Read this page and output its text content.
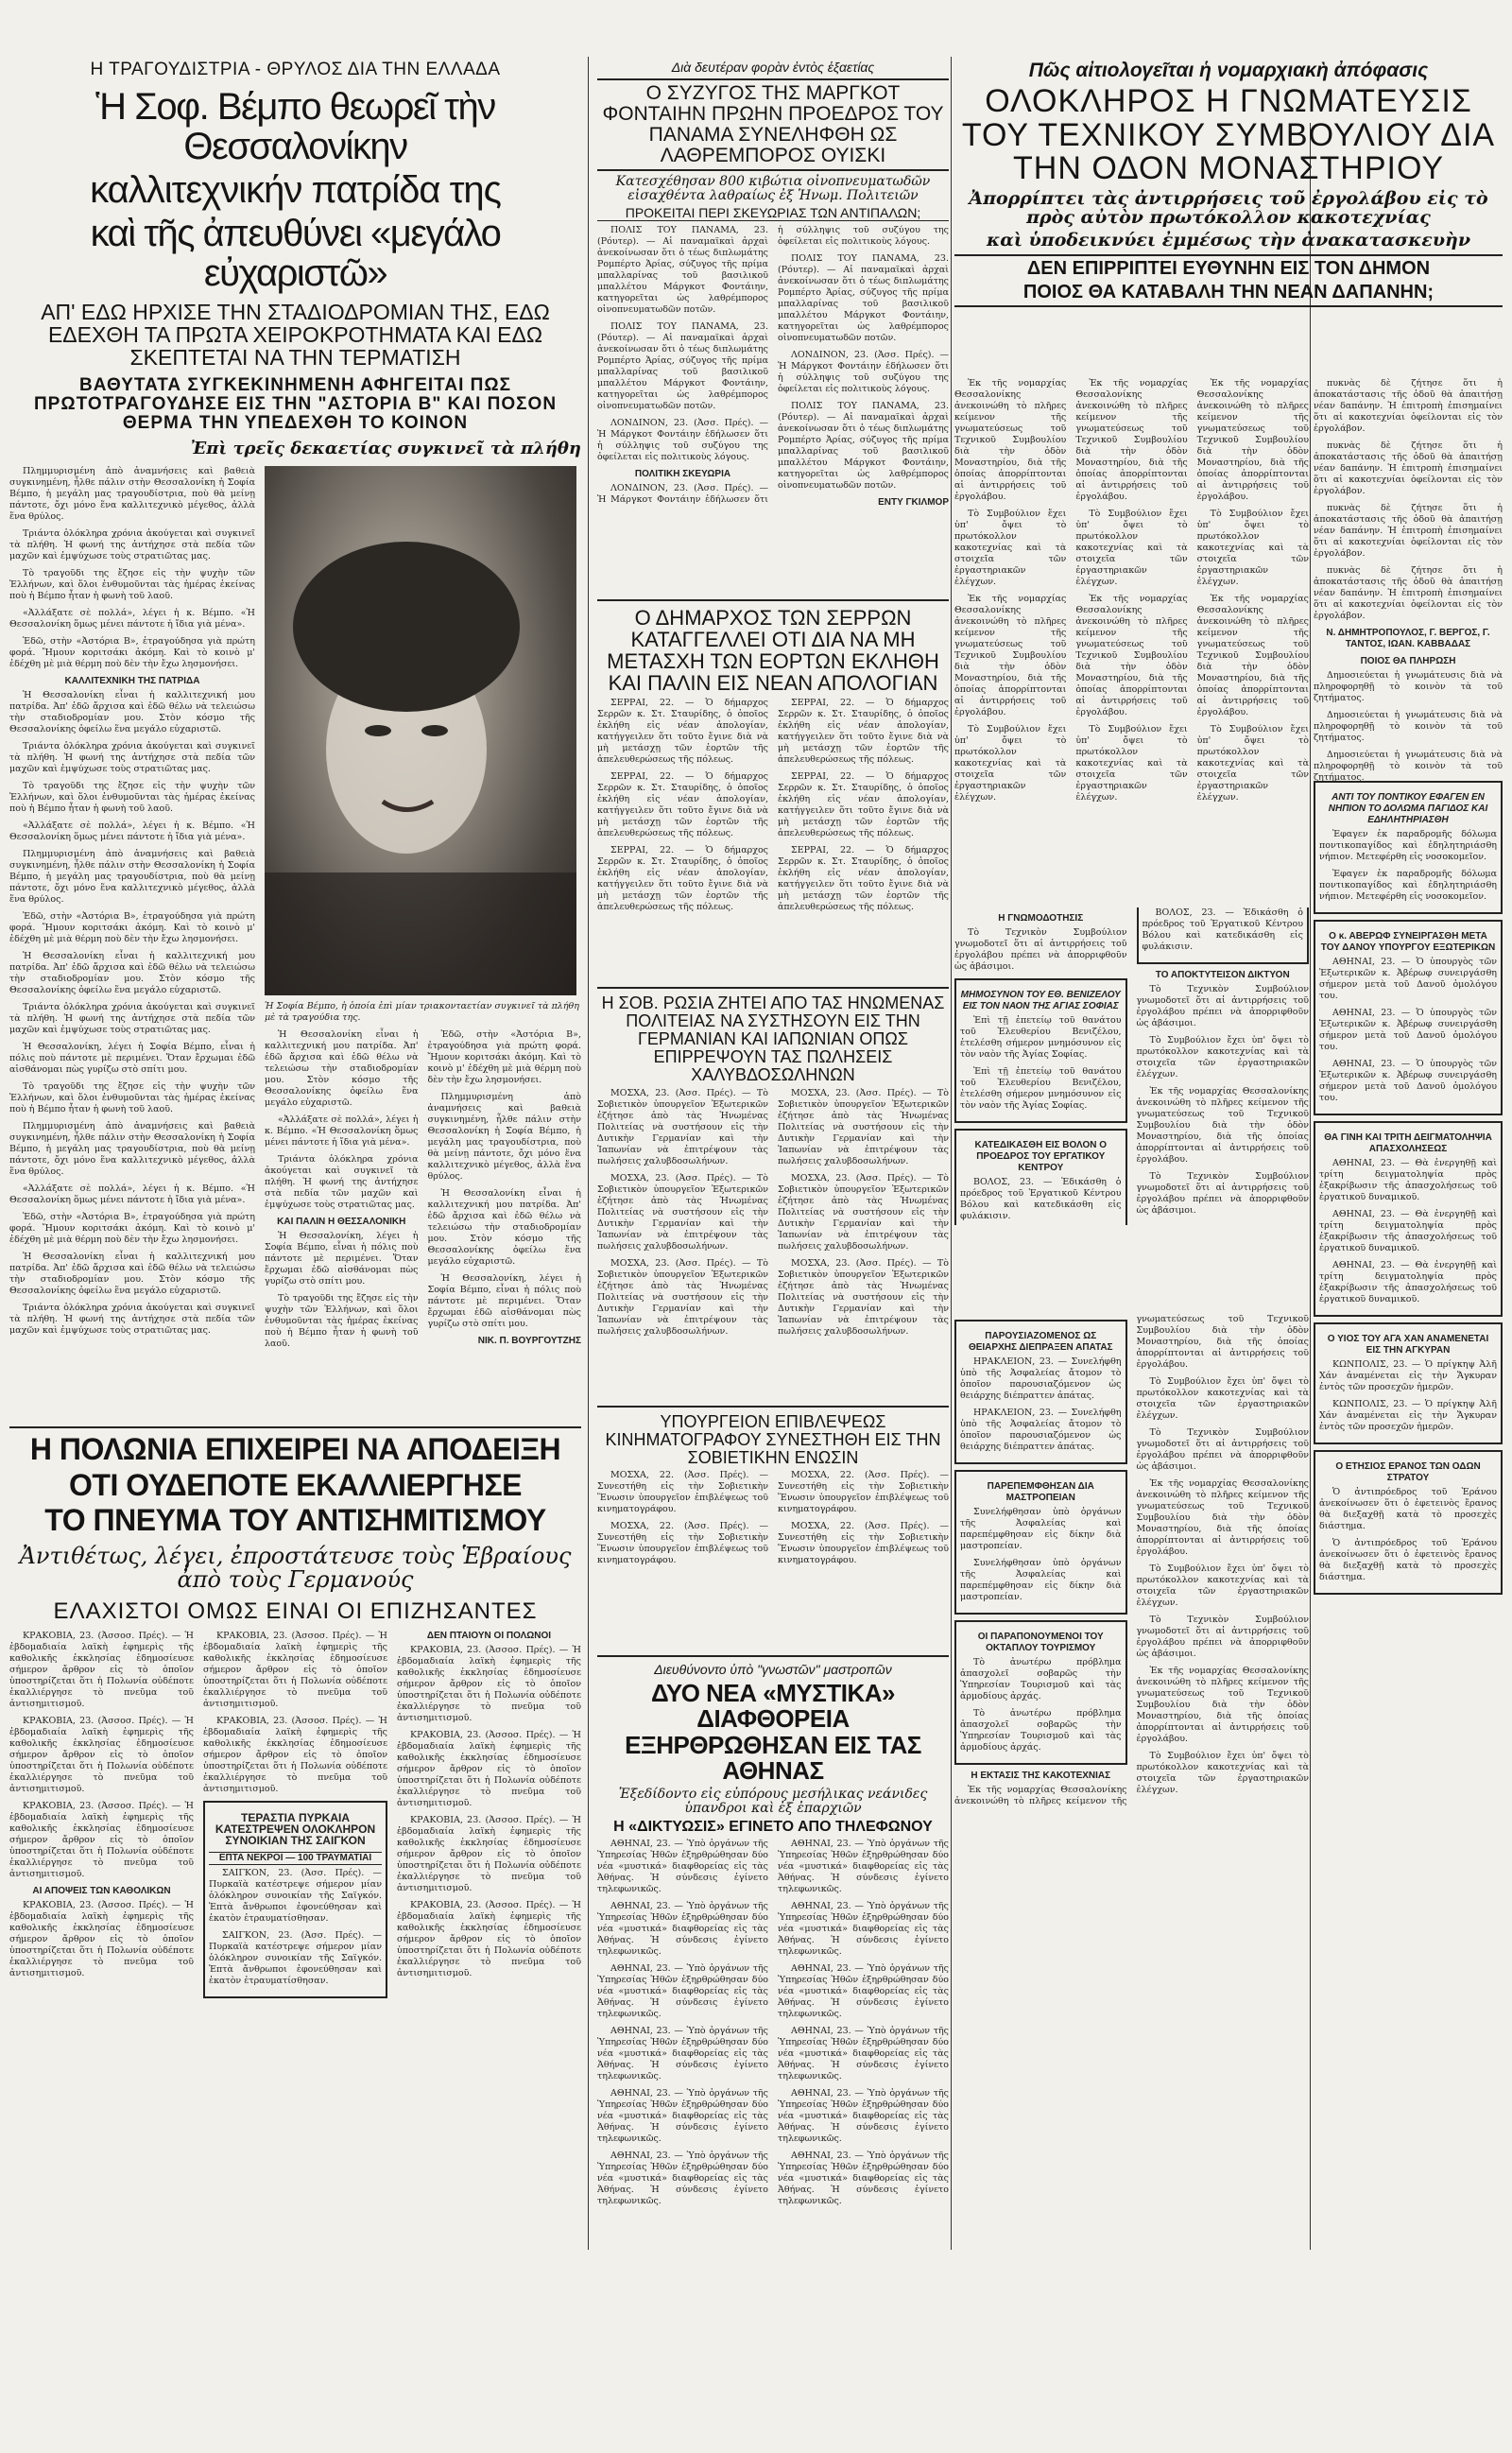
Η ΤΡΑΓΟΥΔΙΣΤΡΙΑ - ΘΡΥΛΟΣ ΔΙΑ ΤΗΝ ΕΛΛΑΔΑ
Ἡ Σοφ. Βέμπο θεωρεῖ τὴν Θεσσαλονίκην
καλλιτεχνικήν πατρίδα της
καὶ τῆς ἀπευθύνει «μεγάλο εὐχαριστῶ»
ΑΠ' ΕΔΩ ΗΡΧΙΣΕ ΤΗΝ ΣΤΑΔΙΟΔΡΟΜΙΑΝ ΤΗΣ, ΕΔΩ ΕΔΕΧΘΗ ΤΑ ΠΡΩΤΑ ΧΕΙΡΟΚΡΟΤΗΜΑΤΑ ΚΑΙ ΕΔΩ ΣΚΕΠΤΕΤΑΙ ΝΑ ΤΗΝ ΤΕΡΜΑΤΙΣΗ
ΒΑΘΥΤΑΤΑ ΣΥΓΚΕΚΙΝΗΜΕΝΗ ΑΦΗΓΕΙΤΑΙ ΠΩΣ ΠΡΩΤΟΤΡΑΓΟΥΔΗΣΕ ΕΙΣ ΤΗΝ "ΑΣΤΟΡΙΑ Β" ΚΑΙ ΠΟΣΟΝ ΘΕΡΜΑ ΤΗΝ ΥΠΕΔΕΧΘΗ ΤΟ ΚΟΙΝΟΝ
Ἐπὶ τρεῖς δεκαετίας συγκινεῖ τὰ πλήθη

Πλημμυρισμένη ἀπὸ ἀναμνήσεις καὶ βαθειὰ συγκινημένη, ἦλθε πάλιν στὴν Θεσσαλονίκη ἡ Σοφία Βέμπο, ἡ μεγάλη μας τραγουδίστρια, ποὺ θὰ μείνῃ πάντοτε, ὄχι μόνο ἕνα καλλιτεχνικὸ μέγεθος, ἀλλὰ ἕνα θρύλος.

Τριάντα ὁλόκληρα χρόνια ἀκούγεται καὶ συγκινεῖ τὰ πλήθη. Ἡ φωνή της ἀντήχησε στὰ πεδία τῶν μαχῶν καὶ ἐμψύχωσε τοὺς στρατιῶτας μας.

Τὸ τραγοῦδι της ἔζησε εἰς τὴν ψυχὴν τῶν Ἑλλήνων, καὶ ὅλοι ἐνθυμοῦνται τὰς ἡμέρας ἐκείνας ποὺ ἡ Βέμπο ἦταν ἡ φωνὴ τοῦ λαοῦ.

«Ἀλλάξατε σὲ πολλά», λέγει ἡ κ. Βέμπο. «Ἡ Θεσσαλονίκη ὅμως μένει πάντοτε ἡ ἴδια γιὰ μένα».

Ἐδῶ, στὴν «Ἀστόρια Β», ἐτραγούδησα γιὰ πρώτη φορά. Ἤμουν κοριτσάκι ἀκόμη. Καὶ τὸ κοινὸ μ' ἐδέχθη μὲ μιὰ θέρμη ποὺ δὲν τὴν ἔχω λησμονήσει.

ΚΑΛΛΙΤΕΧΝΙΚΗ ΤΗΣ ΠΑΤΡΙΔΑ

Ἡ Θεσσαλονίκη εἶναι ἡ καλλιτεχνική μου πατρίδα. Ἀπ' ἐδῶ ἄρχισα καὶ ἐδῶ θέλω νὰ τελειώσω τὴν σταδιοδρομίαν μου. Στὸν κόσμο τῆς Θεσσαλονίκης ὀφείλω ἕνα μεγάλο εὐχαριστῶ.

Τριάντα ὁλόκληρα χρόνια ἀκούγεται καὶ συγκινεῖ τὰ πλήθη. Ἡ φωνή της ἀντήχησε στὰ πεδία τῶν μαχῶν καὶ ἐμψύχωσε τοὺς στρατιῶτας μας.

Τὸ τραγοῦδι της ἔζησε εἰς τὴν ψυχὴν τῶν Ἑλλήνων, καὶ ὅλοι ἐνθυμοῦνται τὰς ἡμέρας ἐκείνας ποὺ ἡ Βέμπο ἦταν ἡ φωνὴ τοῦ λαοῦ.

«Ἀλλάξατε σὲ πολλά», λέγει ἡ κ. Βέμπο. «Ἡ Θεσσαλονίκη ὅμως μένει πάντοτε ἡ ἴδια γιὰ μένα».

Πλημμυρισμένη ἀπὸ ἀναμνήσεις καὶ βαθειὰ συγκινημένη, ἦλθε πάλιν στὴν Θεσσαλονίκη ἡ Σοφία Βέμπο, ἡ μεγάλη μας τραγουδίστρια, ποὺ θὰ μείνῃ πάντοτε, ὄχι μόνο ἕνα καλλιτεχνικὸ μέγεθος, ἀλλὰ ἕνα θρύλος.

Ἐδῶ, στὴν «Ἀστόρια Β», ἐτραγούδησα γιὰ πρώτη φορά. Ἤμουν κοριτσάκι ἀκόμη. Καὶ τὸ κοινὸ μ' ἐδέχθη μὲ μιὰ θέρμη ποὺ δὲν τὴν ἔχω λησμονήσει.

Ἡ Θεσσαλονίκη εἶναι ἡ καλλιτεχνική μου πατρίδα. Ἀπ' ἐδῶ ἄρχισα καὶ ἐδῶ θέλω νὰ τελειώσω τὴν σταδιοδρομίαν μου. Στὸν κόσμο τῆς Θεσσαλονίκης ὀφείλω ἕνα μεγάλο εὐχαριστῶ.

Τριάντα ὁλόκληρα χρόνια ἀκούγεται καὶ συγκινεῖ τὰ πλήθη. Ἡ φωνή της ἀντήχησε στὰ πεδία τῶν μαχῶν καὶ ἐμψύχωσε τοὺς στρατιῶτας μας.

Ἡ Θεσσαλονίκη, λέγει ἡ Σοφία Βέμπο, εἶναι ἡ πόλις ποὺ πάντοτε μὲ περιμένει. Ὅταν ἔρχωμαι ἐδῶ αἰσθάνομαι πὼς γυρίζω στὸ σπίτι μου.

Τὸ τραγοῦδι της ἔζησε εἰς τὴν ψυχὴν τῶν Ἑλλήνων, καὶ ὅλοι ἐνθυμοῦνται τὰς ἡμέρας ἐκείνας ποὺ ἡ Βέμπο ἦταν ἡ φωνὴ τοῦ λαοῦ.

Πλημμυρισμένη ἀπὸ ἀναμνήσεις καὶ βαθειὰ συγκινημένη, ἦλθε πάλιν στὴν Θεσσαλονίκη ἡ Σοφία Βέμπο, ἡ μεγάλη μας τραγουδίστρια, ποὺ θὰ μείνῃ πάντοτε, ὄχι μόνο ἕνα καλλιτεχνικὸ μέγεθος, ἀλλὰ ἕνα θρύλος.

«Ἀλλάξατε σὲ πολλά», λέγει ἡ κ. Βέμπο. «Ἡ Θεσσαλονίκη ὅμως μένει πάντοτε ἡ ἴδια γιὰ μένα».

Ἐδῶ, στὴν «Ἀστόρια Β», ἐτραγούδησα γιὰ πρώτη φορά. Ἤμουν κοριτσάκι ἀκόμη. Καὶ τὸ κοινὸ μ' ἐδέχθη μὲ μιὰ θέρμη ποὺ δὲν τὴν ἔχω λησμονήσει.

Ἡ Θεσσαλονίκη εἶναι ἡ καλλιτεχνική μου πατρίδα. Ἀπ' ἐδῶ ἄρχισα καὶ ἐδῶ θέλω νὰ τελειώσω τὴν σταδιοδρομίαν μου. Στὸν κόσμο τῆς Θεσσαλονίκης ὀφείλω ἕνα μεγάλο εὐχαριστῶ.

Τριάντα ὁλόκληρα χρόνια ἀκούγεται καὶ συγκινεῖ τὰ πλήθη. Ἡ φωνή της ἀντήχησε στὰ πεδία τῶν μαχῶν καὶ ἐμψύχωσε τοὺς στρατιῶτας μας.

Ἡ Σοφία Βέμπο, ἡ ὁποία ἐπὶ μίαν τριακονταετίαν συγκινεῖ τὰ πλήθη μὲ τὰ τραγούδια της.

Ἡ Θεσσαλονίκη εἶναι ἡ καλλιτεχνική μου πατρίδα. Ἀπ' ἐδῶ ἄρχισα καὶ ἐδῶ θέλω νὰ τελειώσω τὴν σταδιοδρομίαν μου. Στὸν κόσμο τῆς Θεσσαλονίκης ὀφείλω ἕνα μεγάλο εὐχαριστῶ.

«Ἀλλάξατε σὲ πολλά», λέγει ἡ κ. Βέμπο. «Ἡ Θεσσαλονίκη ὅμως μένει πάντοτε ἡ ἴδια γιὰ μένα».

Τριάντα ὁλόκληρα χρόνια ἀκούγεται καὶ συγκινεῖ τὰ πλήθη. Ἡ φωνή της ἀντήχησε στὰ πεδία τῶν μαχῶν καὶ ἐμψύχωσε τοὺς στρατιῶτας μας.

ΚΑΙ ΠΑΛΙΝ Η ΘΕΣΣΑΛΟΝΙΚΗ

Ἡ Θεσσαλονίκη, λέγει ἡ Σοφία Βέμπο, εἶναι ἡ πόλις ποὺ πάντοτε μὲ περιμένει. Ὅταν ἔρχωμαι ἐδῶ αἰσθάνομαι πὼς γυρίζω στὸ σπίτι μου.

Τὸ τραγοῦδι της ἔζησε εἰς τὴν ψυχὴν τῶν Ἑλλήνων, καὶ ὅλοι ἐνθυμοῦνται τὰς ἡμέρας ἐκείνας ποὺ ἡ Βέμπο ἦταν ἡ φωνὴ τοῦ λαοῦ.

Ἐδῶ, στὴν «Ἀστόρια Β», ἐτραγούδησα γιὰ πρώτη φορά. Ἤμουν κοριτσάκι ἀκόμη. Καὶ τὸ κοινὸ μ' ἐδέχθη μὲ μιὰ θέρμη ποὺ δὲν τὴν ἔχω λησμονήσει.

Πλημμυρισμένη ἀπὸ ἀναμνήσεις καὶ βαθειὰ συγκινημένη, ἦλθε πάλιν στὴν Θεσσαλονίκη ἡ Σοφία Βέμπο, ἡ μεγάλη μας τραγουδίστρια, ποὺ θὰ μείνῃ πάντοτε, ὄχι μόνο ἕνα καλλιτεχνικὸ μέγεθος, ἀλλὰ ἕνα θρύλος.

Ἡ Θεσσαλονίκη εἶναι ἡ καλλιτεχνική μου πατρίδα. Ἀπ' ἐδῶ ἄρχισα καὶ ἐδῶ θέλω νὰ τελειώσω τὴν σταδιοδρομίαν μου. Στὸν κόσμο τῆς Θεσσαλονίκης ὀφείλω ἕνα μεγάλο εὐχαριστῶ.

Ἡ Θεσσαλονίκη, λέγει ἡ Σοφία Βέμπο, εἶναι ἡ πόλις ποὺ πάντοτε μὲ περιμένει. Ὅταν ἔρχωμαι ἐδῶ αἰσθάνομαι πὼς γυρίζω στὸ σπίτι μου.

ΝΙΚ. Π. ΒΟΥΡΓΟΥΤΖΗΣ
Η ΠΟΛΩΝΙΑ ΕΠΙΧΕΙΡΕΙ ΝΑ ΑΠΟΔΕΙΞΗ
ΟΤΙ ΟΥΔΕΠΟΤΕ ΕΚΑΛΛΙΕΡΓΗΣΕ
ΤΟ ΠΝΕΥΜΑ ΤΟΥ ΑΝΤΙΣΗΜΙΤΙΣΜΟΥ
Ἀντιθέτως, λέγει, ἐπροστάτευσε τοὺς Ἑβραίους ἀπὸ τοὺς Γερμανούς
ΕΛΑΧΙΣΤΟΙ ΟΜΩΣ ΕΙΝΑΙ ΟΙ ΕΠΙΖΗΣΑΝΤΕΣ

ΚΡΑΚΟΒΙΑ, 23. (Ἀσσοσ. Πρές). — Ἡ ἑβδομαδιαία λαϊκὴ ἐφημερὶς τῆς καθολικῆς ἐκκλησίας ἐδημοσίευσε σήμερον ἄρθρον εἰς τὸ ὁποῖον ὑποστηρίζεται ὅτι ἡ Πολωνία οὐδέποτε ἐκαλλιέργησε τὸ πνεῦμα τοῦ ἀντισημιτισμοῦ.

ΚΡΑΚΟΒΙΑ, 23. (Ἀσσοσ. Πρές). — Ἡ ἑβδομαδιαία λαϊκὴ ἐφημερὶς τῆς καθολικῆς ἐκκλησίας ἐδημοσίευσε σήμερον ἄρθρον εἰς τὸ ὁποῖον ὑποστηρίζεται ὅτι ἡ Πολωνία οὐδέποτε ἐκαλλιέργησε τὸ πνεῦμα τοῦ ἀντισημιτισμοῦ.

ΚΡΑΚΟΒΙΑ, 23. (Ἀσσοσ. Πρές). — Ἡ ἑβδομαδιαία λαϊκὴ ἐφημερὶς τῆς καθολικῆς ἐκκλησίας ἐδημοσίευσε σήμερον ἄρθρον εἰς τὸ ὁποῖον ὑποστηρίζεται ὅτι ἡ Πολωνία οὐδέποτε ἐκαλλιέργησε τὸ πνεῦμα τοῦ ἀντισημιτισμοῦ.

ΑΙ ΑΠΟΨΕΙΣ ΤΩΝ ΚΑΘΟΛΙΚΩΝ

ΚΡΑΚΟΒΙΑ, 23. (Ἀσσοσ. Πρές). — Ἡ ἑβδομαδιαία λαϊκὴ ἐφημερὶς τῆς καθολικῆς ἐκκλησίας ἐδημοσίευσε σήμερον ἄρθρον εἰς τὸ ὁποῖον ὑποστηρίζεται ὅτι ἡ Πολωνία οὐδέποτε ἐκαλλιέργησε τὸ πνεῦμα τοῦ ἀντισημιτισμοῦ.

ΚΡΑΚΟΒΙΑ, 23. (Ἀσσοσ. Πρές). — Ἡ ἑβδομαδιαία λαϊκὴ ἐφημερὶς τῆς καθολικῆς ἐκκλησίας ἐδημοσίευσε σήμερον ἄρθρον εἰς τὸ ὁποῖον ὑποστηρίζεται ὅτι ἡ Πολωνία οὐδέποτε ἐκαλλιέργησε τὸ πνεῦμα τοῦ ἀντισημιτισμοῦ.

ΚΡΑΚΟΒΙΑ, 23. (Ἀσσοσ. Πρές). — Ἡ ἑβδομαδιαία λαϊκὴ ἐφημερὶς τῆς καθολικῆς ἐκκλησίας ἐδημοσίευσε σήμερον ἄρθρον εἰς τὸ ὁποῖον ὑποστηρίζεται ὅτι ἡ Πολωνία οὐδέποτε ἐκαλλιέργησε τὸ πνεῦμα τοῦ ἀντισημιτισμοῦ.

ΤΕΡΑΣΤΙΑ ΠΥΡΚΑΙΑ ΚΑΤΕΣΤΡΕΨΕΝ ΟΛΟΚΛΗΡΟΝ ΣΥΝΟΙΚΙΑΝ ΤΗΣ ΣΑΙΓΚΟΝ
ΕΠΤΑ ΝΕΚΡΟΙ — 100 ΤΡΑΥΜΑΤΙΑΙ

ΣΑΙΓΚΟΝ, 23. (Ἀσσ. Πρές). — Πυρκαϊὰ κατέστρεψε σήμερον μίαν ὁλόκληρον συνοικίαν τῆς Σαϊγκόν. Ἑπτὰ ἄνθρωποι ἐφονεύθησαν καὶ ἑκατὸν ἐτραυματίσθησαν.

ΣΑΙΓΚΟΝ, 23. (Ἀσσ. Πρές). — Πυρκαϊὰ κατέστρεψε σήμερον μίαν ὁλόκληρον συνοικίαν τῆς Σαϊγκόν. Ἑπτὰ ἄνθρωποι ἐφονεύθησαν καὶ ἑκατὸν ἐτραυματίσθησαν.

ΔΕΝ ΠΤΑΙΟΥΝ ΟΙ ΠΟΛΩΝΟΙ

ΚΡΑΚΟΒΙΑ, 23. (Ἀσσοσ. Πρές). — Ἡ ἑβδομαδιαία λαϊκὴ ἐφημερὶς τῆς καθολικῆς ἐκκλησίας ἐδημοσίευσε σήμερον ἄρθρον εἰς τὸ ὁποῖον ὑποστηρίζεται ὅτι ἡ Πολωνία οὐδέποτε ἐκαλλιέργησε τὸ πνεῦμα τοῦ ἀντισημιτισμοῦ.

ΚΡΑΚΟΒΙΑ, 23. (Ἀσσοσ. Πρές). — Ἡ ἑβδομαδιαία λαϊκὴ ἐφημερὶς τῆς καθολικῆς ἐκκλησίας ἐδημοσίευσε σήμερον ἄρθρον εἰς τὸ ὁποῖον ὑποστηρίζεται ὅτι ἡ Πολωνία οὐδέποτε ἐκαλλιέργησε τὸ πνεῦμα τοῦ ἀντισημιτισμοῦ.

ΚΡΑΚΟΒΙΑ, 23. (Ἀσσοσ. Πρές). — Ἡ ἑβδομαδιαία λαϊκὴ ἐφημερὶς τῆς καθολικῆς ἐκκλησίας ἐδημοσίευσε σήμερον ἄρθρον εἰς τὸ ὁποῖον ὑποστηρίζεται ὅτι ἡ Πολωνία οὐδέποτε ἐκαλλιέργησε τὸ πνεῦμα τοῦ ἀντισημιτισμοῦ.

ΚΡΑΚΟΒΙΑ, 23. (Ἀσσοσ. Πρές). — Ἡ ἑβδομαδιαία λαϊκὴ ἐφημερὶς τῆς καθολικῆς ἐκκλησίας ἐδημοσίευσε σήμερον ἄρθρον εἰς τὸ ὁποῖον ὑποστηρίζεται ὅτι ἡ Πολωνία οὐδέποτε ἐκαλλιέργησε τὸ πνεῦμα τοῦ ἀντισημιτισμοῦ.

Διὰ δευτέραν φορὰν ἐντὸς ἑξαετίας
Ο ΣΥΖΥΓΟΣ ΤΗΣ ΜΑΡΓΚΟΤ ΦΟΝΤΑΙΗΝ ΠΡΩΗΝ ΠΡΟΕΔΡΟΣ ΤΟΥ ΠΑΝΑΜΑ ΣΥΝΕΛΗΦΘΗ ΩΣ ΛΑΘΡΕΜΠΟΡΟΣ ΟΥΙΣΚΙ
Κατεσχέθησαν 800 κιβώτια οἰνοπνευματωδῶν εἰσαχθέντα λαθραίως ἐξ Ἡνωμ. Πολιτειῶν
ΠΡΟΚΕΙΤΑΙ ΠΕΡΙ ΣΚΕΥΩΡΙΑΣ ΤΩΝ ΑΝΤΙΠΑΛΩΝ;

ΠΟΛΙΣ ΤΟΥ ΠΑΝΑΜΑ, 23. (Ρόυτερ). — Αἱ παναμαϊκαὶ ἀρχαὶ ἀνεκοίνωσαν ὅτι ὁ τέως διπλωμάτης Ρομπέρτο Ἀρίας, σύζυγος τῆς πρίμα μπαλλαρίνας τοῦ βασιλικοῦ μπαλλέτου Μάργκοτ Φοντάιην, κατηγορεῖται ὡς λαθρέμπορος οἰνοπνευματωδῶν ποτῶν.

ΠΟΛΙΣ ΤΟΥ ΠΑΝΑΜΑ, 23. (Ρόυτερ). — Αἱ παναμαϊκαὶ ἀρχαὶ ἀνεκοίνωσαν ὅτι ὁ τέως διπλωμάτης Ρομπέρτο Ἀρίας, σύζυγος τῆς πρίμα μπαλλαρίνας τοῦ βασιλικοῦ μπαλλέτου Μάργκοτ Φοντάιην, κατηγορεῖται ὡς λαθρέμπορος οἰνοπνευματωδῶν ποτῶν.

ΛΟΝΔΙΝΟΝ, 23. (Ἀσσ. Πρές). — Ἡ Μάργκοτ Φοντάιην ἐδήλωσεν ὅτι ἡ σύλληψις τοῦ συζύγου της ὀφείλεται εἰς πολιτικοὺς λόγους.

ΠΟΛΙΤΙΚΗ ΣΚΕΥΩΡΙΑ

ΛΟΝΔΙΝΟΝ, 23. (Ἀσσ. Πρές). — Ἡ Μάργκοτ Φοντάιην ἐδήλωσεν ὅτι ἡ σύλληψις τοῦ συζύγου της ὀφείλεται εἰς πολιτικοὺς λόγους.

ΠΟΛΙΣ ΤΟΥ ΠΑΝΑΜΑ, 23. (Ρόυτερ). — Αἱ παναμαϊκαὶ ἀρχαὶ ἀνεκοίνωσαν ὅτι ὁ τέως διπλωμάτης Ρομπέρτο Ἀρίας, σύζυγος τῆς πρίμα μπαλλαρίνας τοῦ βασιλικοῦ μπαλλέτου Μάργκοτ Φοντάιην, κατηγορεῖται ὡς λαθρέμπορος οἰνοπνευματωδῶν ποτῶν.

ΛΟΝΔΙΝΟΝ, 23. (Ἀσσ. Πρές). — Ἡ Μάργκοτ Φοντάιην ἐδήλωσεν ὅτι ἡ σύλληψις τοῦ συζύγου της ὀφείλεται εἰς πολιτικοὺς λόγους.

ΠΟΛΙΣ ΤΟΥ ΠΑΝΑΜΑ, 23. (Ρόυτερ). — Αἱ παναμαϊκαὶ ἀρχαὶ ἀνεκοίνωσαν ὅτι ὁ τέως διπλωμάτης Ρομπέρτο Ἀρίας, σύζυγος τῆς πρίμα μπαλλαρίνας τοῦ βασιλικοῦ μπαλλέτου Μάργκοτ Φοντάιην, κατηγορεῖται ὡς λαθρέμπορος οἰνοπνευματωδῶν ποτῶν.

ΕΝΤΥ ΓΚΙΛΜΟΡ
Ο ΔΗΜΑΡΧΟΣ ΤΩΝ ΣΕΡΡΩΝ ΚΑΤΑΓΓΕΛΛΕΙ ΟΤΙ ΔΙΑ ΝΑ ΜΗ ΜΕΤΑΣΧΗ ΤΩΝ ΕΟΡΤΩΝ ΕΚΛΗΘΗ ΚΑΙ ΠΑΛΙΝ ΕΙΣ ΝΕΑΝ ΑΠΟΛΟΓΙΑΝ

ΣΕΡΡΑΙ, 22. — Ὁ δήμαρχος Σερρῶν κ. Στ. Σταυρίδης, ὁ ὁποῖος ἐκλήθη εἰς νέαν ἀπολογίαν, κατήγγειλεν ὅτι τοῦτο ἔγινε διὰ νὰ μὴ μετάσχῃ τῶν ἑορτῶν τῆς ἀπελευθερώσεως τῆς πόλεως.

ΣΕΡΡΑΙ, 22. — Ὁ δήμαρχος Σερρῶν κ. Στ. Σταυρίδης, ὁ ὁποῖος ἐκλήθη εἰς νέαν ἀπολογίαν, κατήγγειλεν ὅτι τοῦτο ἔγινε διὰ νὰ μὴ μετάσχῃ τῶν ἑορτῶν τῆς ἀπελευθερώσεως τῆς πόλεως.

ΣΕΡΡΑΙ, 22. — Ὁ δήμαρχος Σερρῶν κ. Στ. Σταυρίδης, ὁ ὁποῖος ἐκλήθη εἰς νέαν ἀπολογίαν, κατήγγειλεν ὅτι τοῦτο ἔγινε διὰ νὰ μὴ μετάσχῃ τῶν ἑορτῶν τῆς ἀπελευθερώσεως τῆς πόλεως.

ΣΕΡΡΑΙ, 22. — Ὁ δήμαρχος Σερρῶν κ. Στ. Σταυρίδης, ὁ ὁποῖος ἐκλήθη εἰς νέαν ἀπολογίαν, κατήγγειλεν ὅτι τοῦτο ἔγινε διὰ νὰ μὴ μετάσχῃ τῶν ἑορτῶν τῆς ἀπελευθερώσεως τῆς πόλεως.

ΣΕΡΡΑΙ, 22. — Ὁ δήμαρχος Σερρῶν κ. Στ. Σταυρίδης, ὁ ὁποῖος ἐκλήθη εἰς νέαν ἀπολογίαν, κατήγγειλεν ὅτι τοῦτο ἔγινε διὰ νὰ μὴ μετάσχῃ τῶν ἑορτῶν τῆς ἀπελευθερώσεως τῆς πόλεως.

ΣΕΡΡΑΙ, 22. — Ὁ δήμαρχος Σερρῶν κ. Στ. Σταυρίδης, ὁ ὁποῖος ἐκλήθη εἰς νέαν ἀπολογίαν, κατήγγειλεν ὅτι τοῦτο ἔγινε διὰ νὰ μὴ μετάσχῃ τῶν ἑορτῶν τῆς ἀπελευθερώσεως τῆς πόλεως.

Η ΣΟΒ. ΡΩΣΙΑ ΖΗΤΕΙ ΑΠΟ ΤΑΣ ΗΝΩΜΕΝΑΣ ΠΟΛΙΤΕΙΑΣ ΝΑ ΣΥΣΤΗΣΟΥΝ ΕΙΣ ΤΗΝ ΓΕΡΜΑΝΙΑΝ ΚΑΙ ΙΑΠΩΝΙΑΝ ΟΠΩΣ ΕΠΙΡΡΕΨΟΥΝ ΤΑΣ ΠΩΛΗΣΕΙΣ ΧΑΛΥΒΔΟΣΩΛΗΝΩΝ

ΜΟΣΧΑ, 23. (Ἀσσ. Πρές). — Τὸ Σοβιετικὸν ὑπουργεῖον Ἐξωτερικῶν ἐζήτησε ἀπὸ τὰς Ἡνωμένας Πολιτείας νὰ συστήσουν εἰς τὴν Δυτικὴν Γερμανίαν καὶ τὴν Ἰαπωνίαν νὰ ἐπιτρέψουν τὰς πωλήσεις χαλυβδοσωλήνων.

ΜΟΣΧΑ, 23. (Ἀσσ. Πρές). — Τὸ Σοβιετικὸν ὑπουργεῖον Ἐξωτερικῶν ἐζήτησε ἀπὸ τὰς Ἡνωμένας Πολιτείας νὰ συστήσουν εἰς τὴν Δυτικὴν Γερμανίαν καὶ τὴν Ἰαπωνίαν νὰ ἐπιτρέψουν τὰς πωλήσεις χαλυβδοσωλήνων.

ΜΟΣΧΑ, 23. (Ἀσσ. Πρές). — Τὸ Σοβιετικὸν ὑπουργεῖον Ἐξωτερικῶν ἐζήτησε ἀπὸ τὰς Ἡνωμένας Πολιτείας νὰ συστήσουν εἰς τὴν Δυτικὴν Γερμανίαν καὶ τὴν Ἰαπωνίαν νὰ ἐπιτρέψουν τὰς πωλήσεις χαλυβδοσωλήνων.

ΜΟΣΧΑ, 23. (Ἀσσ. Πρές). — Τὸ Σοβιετικὸν ὑπουργεῖον Ἐξωτερικῶν ἐζήτησε ἀπὸ τὰς Ἡνωμένας Πολιτείας νὰ συστήσουν εἰς τὴν Δυτικὴν Γερμανίαν καὶ τὴν Ἰαπωνίαν νὰ ἐπιτρέψουν τὰς πωλήσεις χαλυβδοσωλήνων.

ΜΟΣΧΑ, 23. (Ἀσσ. Πρές). — Τὸ Σοβιετικὸν ὑπουργεῖον Ἐξωτερικῶν ἐζήτησε ἀπὸ τὰς Ἡνωμένας Πολιτείας νὰ συστήσουν εἰς τὴν Δυτικὴν Γερμανίαν καὶ τὴν Ἰαπωνίαν νὰ ἐπιτρέψουν τὰς πωλήσεις χαλυβδοσωλήνων.

ΜΟΣΧΑ, 23. (Ἀσσ. Πρές). — Τὸ Σοβιετικὸν ὑπουργεῖον Ἐξωτερικῶν ἐζήτησε ἀπὸ τὰς Ἡνωμένας Πολιτείας νὰ συστήσουν εἰς τὴν Δυτικὴν Γερμανίαν καὶ τὴν Ἰαπωνίαν νὰ ἐπιτρέψουν τὰς πωλήσεις χαλυβδοσωλήνων.

ΥΠΟΥΡΓΕΙΟΝ ΕΠΙΒΛΕΨΕΩΣ ΚΙΝΗΜΑΤΟΓΡΑΦΟΥ ΣΥΝΕΣΤΗΘΗ ΕΙΣ ΤΗΝ ΣΟΒΙΕΤΙΚΗΝ ΕΝΩΣΙΝ

ΜΟΣΧΑ, 22. (Ἀσσ. Πρές). — Συνεστήθη εἰς τὴν Σοβιετικὴν Ἕνωσιν ὑπουργεῖον ἐπιβλέψεως τοῦ κινηματογράφου.

ΜΟΣΧΑ, 22. (Ἀσσ. Πρές). — Συνεστήθη εἰς τὴν Σοβιετικὴν Ἕνωσιν ὑπουργεῖον ἐπιβλέψεως τοῦ κινηματογράφου.

ΜΟΣΧΑ, 22. (Ἀσσ. Πρές). — Συνεστήθη εἰς τὴν Σοβιετικὴν Ἕνωσιν ὑπουργεῖον ἐπιβλέψεως τοῦ κινηματογράφου.

ΜΟΣΧΑ, 22. (Ἀσσ. Πρές). — Συνεστήθη εἰς τὴν Σοβιετικὴν Ἕνωσιν ὑπουργεῖον ἐπιβλέψεως τοῦ κινηματογράφου.

Διευθύνοντο ὑπὸ "γνωστῶν" μαστροπῶν
ΔΥΟ ΝΕΑ «ΜΥΣΤΙΚΑ» ΔΙΑΦΘΟΡΕΙΑ ΕΞΗΡΘΡΩΘΗΣΑΝ ΕΙΣ ΤΑΣ ΑΘΗΝΑΣ
Ἐξεδίδοντο εἰς εὐπόρους μεσήλικας νεάνιδες ὑπανδροι καὶ ἐξ ἐπαρχιῶν
Η «ΔΙΚΤΥΩΣΙΣ» ΕΓΙΝΕΤΟ ΑΠΟ ΤΗΛΕΦΩΝΟΥ

ΑΘΗΝΑΙ, 23. — Ὑπὸ ὀργάνων τῆς Ὑπηρεσίας Ἠθῶν ἐξηρθρώθησαν δύο νέα «μυστικά» διαφθορείας εἰς τὰς Ἀθήνας. Ἡ σύνδεσις ἐγίνετο τηλεφωνικῶς.

ΑΘΗΝΑΙ, 23. — Ὑπὸ ὀργάνων τῆς Ὑπηρεσίας Ἠθῶν ἐξηρθρώθησαν δύο νέα «μυστικά» διαφθορείας εἰς τὰς Ἀθήνας. Ἡ σύνδεσις ἐγίνετο τηλεφωνικῶς.

ΑΘΗΝΑΙ, 23. — Ὑπὸ ὀργάνων τῆς Ὑπηρεσίας Ἠθῶν ἐξηρθρώθησαν δύο νέα «μυστικά» διαφθορείας εἰς τὰς Ἀθήνας. Ἡ σύνδεσις ἐγίνετο τηλεφωνικῶς.

ΑΘΗΝΑΙ, 23. — Ὑπὸ ὀργάνων τῆς Ὑπηρεσίας Ἠθῶν ἐξηρθρώθησαν δύο νέα «μυστικά» διαφθορείας εἰς τὰς Ἀθήνας. Ἡ σύνδεσις ἐγίνετο τηλεφωνικῶς.

ΑΘΗΝΑΙ, 23. — Ὑπὸ ὀργάνων τῆς Ὑπηρεσίας Ἠθῶν ἐξηρθρώθησαν δύο νέα «μυστικά» διαφθορείας εἰς τὰς Ἀθήνας. Ἡ σύνδεσις ἐγίνετο τηλεφωνικῶς.

ΑΘΗΝΑΙ, 23. — Ὑπὸ ὀργάνων τῆς Ὑπηρεσίας Ἠθῶν ἐξηρθρώθησαν δύο νέα «μυστικά» διαφθορείας εἰς τὰς Ἀθήνας. Ἡ σύνδεσις ἐγίνετο τηλεφωνικῶς.

ΑΘΗΝΑΙ, 23. — Ὑπὸ ὀργάνων τῆς Ὑπηρεσίας Ἠθῶν ἐξηρθρώθησαν δύο νέα «μυστικά» διαφθορείας εἰς τὰς Ἀθήνας. Ἡ σύνδεσις ἐγίνετο τηλεφωνικῶς.

ΑΘΗΝΑΙ, 23. — Ὑπὸ ὀργάνων τῆς Ὑπηρεσίας Ἠθῶν ἐξηρθρώθησαν δύο νέα «μυστικά» διαφθορείας εἰς τὰς Ἀθήνας. Ἡ σύνδεσις ἐγίνετο τηλεφωνικῶς.

ΑΘΗΝΑΙ, 23. — Ὑπὸ ὀργάνων τῆς Ὑπηρεσίας Ἠθῶν ἐξηρθρώθησαν δύο νέα «μυστικά» διαφθορείας εἰς τὰς Ἀθήνας. Ἡ σύνδεσις ἐγίνετο τηλεφωνικῶς.

ΑΘΗΝΑΙ, 23. — Ὑπὸ ὀργάνων τῆς Ὑπηρεσίας Ἠθῶν ἐξηρθρώθησαν δύο νέα «μυστικά» διαφθορείας εἰς τὰς Ἀθήνας. Ἡ σύνδεσις ἐγίνετο τηλεφωνικῶς.

ΑΘΗΝΑΙ, 23. — Ὑπὸ ὀργάνων τῆς Ὑπηρεσίας Ἠθῶν ἐξηρθρώθησαν δύο νέα «μυστικά» διαφθορείας εἰς τὰς Ἀθήνας. Ἡ σύνδεσις ἐγίνετο τηλεφωνικῶς.

ΑΘΗΝΑΙ, 23. — Ὑπὸ ὀργάνων τῆς Ὑπηρεσίας Ἠθῶν ἐξηρθρώθησαν δύο νέα «μυστικά» διαφθορείας εἰς τὰς Ἀθήνας. Ἡ σύνδεσις ἐγίνετο τηλεφωνικῶς.

Πῶς αἰτιολογεῖται ἡ νομαρχιακὴ ἀπόφασις
ΟΛΟΚΛΗΡΟΣ Η ΓΝΩΜΑΤΕΥΣΙΣ ΤΟΥ ΤΕΧΝΙΚΟΥ ΣΥΜΒΟΥΛΙΟΥ ΔΙΑ ΤΗΝ ΟΔΟΝ ΜΟΝΑΣΤΗΡΙΟΥ
Ἀπορρίπτει τὰς ἀντιρρήσεις τοῦ ἐργολάβου εἰς τὸ πρὸς αὐτὸν πρωτόκολλον κακοτεχνίας
καὶ ὑποδεικνύει ἐμμέσως τὴν ἀνακατασκευὴν
ΔΕΝ ΕΠΙΡΡΙΠΤΕΙ ΕΥΘΥΝΗΝ ΕΙΣ ΤΟΝ ΔΗΜΟΝ
ΠΟΙΟΣ ΘΑ ΚΑΤΑΒΑΛΗ ΤΗΝ ΝΕΑΝ ΔΑΠΑΝΗΝ;

Ἐκ τῆς νομαρχίας Θεσσαλονίκης ἀνεκοινώθη τὸ πλῆρες κείμενον τῆς γνωματεύσεως τοῦ Τεχνικοῦ Συμβουλίου διὰ τὴν ὁδὸν Μοναστηρίου, διὰ τῆς ὁποίας ἀπορρίπτονται αἱ ἀντιρρήσεις τοῦ ἐργολάβου.

Τὸ Συμβούλιον ἔχει ὑπ' ὄψει τὸ πρωτόκολλον κακοτεχνίας καὶ τὰ στοιχεῖα τῶν ἐργαστηριακῶν ἐλέγχων.

Ἐκ τῆς νομαρχίας Θεσσαλονίκης ἀνεκοινώθη τὸ πλῆρες κείμενον τῆς γνωματεύσεως τοῦ Τεχνικοῦ Συμβουλίου διὰ τὴν ὁδὸν Μοναστηρίου, διὰ τῆς ὁποίας ἀπορρίπτονται αἱ ἀντιρρήσεις τοῦ ἐργολάβου.

Τὸ Συμβούλιον ἔχει ὑπ' ὄψει τὸ πρωτόκολλον κακοτεχνίας καὶ τὰ στοιχεῖα τῶν ἐργαστηριακῶν ἐλέγχων.

Ἐκ τῆς νομαρχίας Θεσσαλονίκης ἀνεκοινώθη τὸ πλῆρες κείμενον τῆς γνωματεύσεως τοῦ Τεχνικοῦ Συμβουλίου διὰ τὴν ὁδὸν Μοναστηρίου, διὰ τῆς ὁποίας ἀπορρίπτονται αἱ ἀντιρρήσεις τοῦ ἐργολάβου.

Τὸ Συμβούλιον ἔχει ὑπ' ὄψει τὸ πρωτόκολλον κακοτεχνίας καὶ τὰ στοιχεῖα τῶν ἐργαστηριακῶν ἐλέγχων.

Ἐκ τῆς νομαρχίας Θεσσαλονίκης ἀνεκοινώθη τὸ πλῆρες κείμενον τῆς γνωματεύσεως τοῦ Τεχνικοῦ Συμβουλίου διὰ τὴν ὁδὸν Μοναστηρίου, διὰ τῆς ὁποίας ἀπορρίπτονται αἱ ἀντιρρήσεις τοῦ ἐργολάβου.

Τὸ Συμβούλιον ἔχει ὑπ' ὄψει τὸ πρωτόκολλον κακοτεχνίας καὶ τὰ στοιχεῖα τῶν ἐργαστηριακῶν ἐλέγχων.

Ἐκ τῆς νομαρχίας Θεσσαλονίκης ἀνεκοινώθη τὸ πλῆρες κείμενον τῆς γνωματεύσεως τοῦ Τεχνικοῦ Συμβουλίου διὰ τὴν ὁδὸν Μοναστηρίου, διὰ τῆς ὁποίας ἀπορρίπτονται αἱ ἀντιρρήσεις τοῦ ἐργολάβου.

Τὸ Συμβούλιον ἔχει ὑπ' ὄψει τὸ πρωτόκολλον κακοτεχνίας καὶ τὰ στοιχεῖα τῶν ἐργαστηριακῶν ἐλέγχων.

Ἐκ τῆς νομαρχίας Θεσσαλονίκης ἀνεκοινώθη τὸ πλῆρες κείμενον τῆς γνωματεύσεως τοῦ Τεχνικοῦ Συμβουλίου διὰ τὴν ὁδὸν Μοναστηρίου, διὰ τῆς ὁποίας ἀπορρίπτονται αἱ ἀντιρρήσεις τοῦ ἐργολάβου.

Τὸ Συμβούλιον ἔχει ὑπ' ὄψει τὸ πρωτόκολλον κακοτεχνίας καὶ τὰ στοιχεῖα τῶν ἐργαστηριακῶν ἐλέγχων.

Η ΓΝΩΜΟΔΟΤΗΣΙΣ

Τὸ Τεχνικὸν Συμβούλιον γνωμοδοτεῖ ὅτι αἱ ἀντιρρήσεις τοῦ ἐργολάβου πρέπει νὰ ἀπορριφθοῦν ὡς ἀβάσιμοι.

ΜΗΜΟΣΥΝΟΝ ΤΟΥ ΕΘ. ΒΕΝΙΖΕΛΟΥ ΕΙΣ ΤΟΝ ΝΑΟΝ ΤΗΣ ΑΓΙΑΣ ΣΟΦΙΑΣ

Ἐπὶ τῇ ἐπετείῳ τοῦ θανάτου τοῦ Ἐλευθερίου Βενιζέλου, ἐτελέσθη σήμερον μνημόσυνον εἰς τὸν ναὸν τῆς Ἁγίας Σοφίας.

Ἐπὶ τῇ ἐπετείῳ τοῦ θανάτου τοῦ Ἐλευθερίου Βενιζέλου, ἐτελέσθη σήμερον μνημόσυνον εἰς τὸν ναὸν τῆς Ἁγίας Σοφίας.

ΚΑΤΕΔΙΚΑΣΘΗ ΕΙΣ ΒΟΛΟΝ Ο ΠΡΟΕΔΡΟΣ ΤΟΥ ΕΡΓΑΤΙΚΟΥ ΚΕΝΤΡΟΥ

ΒΟΛΟΣ, 23. — Ἐδικάσθη ὁ πρόεδρος τοῦ Ἐργατικοῦ Κέντρου Βόλου καὶ κατεδικάσθη εἰς φυλάκισιν.

ΒΟΛΟΣ, 23. — Ἐδικάσθη ὁ πρόεδρος τοῦ Ἐργατικοῦ Κέντρου Βόλου καὶ κατεδικάσθη εἰς φυλάκισιν.

ΤΟ ΑΠΟΚΤΥΤΕΙΣΟΝ ΔΙΚΤΥΟΝ

Τὸ Τεχνικὸν Συμβούλιον γνωμοδοτεῖ ὅτι αἱ ἀντιρρήσεις τοῦ ἐργολάβου πρέπει νὰ ἀπορριφθοῦν ὡς ἀβάσιμοι.

Τὸ Συμβούλιον ἔχει ὑπ' ὄψει τὸ πρωτόκολλον κακοτεχνίας καὶ τὰ στοιχεῖα τῶν ἐργαστηριακῶν ἐλέγχων.

Ἐκ τῆς νομαρχίας Θεσσαλονίκης ἀνεκοινώθη τὸ πλῆρες κείμενον τῆς γνωματεύσεως τοῦ Τεχνικοῦ Συμβουλίου διὰ τὴν ὁδὸν Μοναστηρίου, διὰ τῆς ὁποίας ἀπορρίπτονται αἱ ἀντιρρήσεις τοῦ ἐργολάβου.

Τὸ Τεχνικὸν Συμβούλιον γνωμοδοτεῖ ὅτι αἱ ἀντιρρήσεις τοῦ ἐργολάβου πρέπει νὰ ἀπορριφθοῦν ὡς ἀβάσιμοι.

ΠΑΡΟΥΣΙΑΖΟΜΕΝΟΣ ΩΣ ΘΕΙΑΡΧΗΣ ΔΙΕΠΡΑΞΕΝ ΑΠΑΤΑΣ

ΗΡΑΚΛΕΙΟΝ, 23. — Συνελήφθη ὑπὸ τῆς Ἀσφαλείας ἄτομον τὸ ὁποῖον παρουσιαζόμενον ὡς θειάρχης διέπραττεν ἀπάτας.

ΗΡΑΚΛΕΙΟΝ, 23. — Συνελήφθη ὑπὸ τῆς Ἀσφαλείας ἄτομον τὸ ὁποῖον παρουσιαζόμενον ὡς θειάρχης διέπραττεν ἀπάτας.

ΠΑΡΕΠΕΜΦΘΗΣΑΝ ΔΙΑ ΜΑΣΤΡΟΠΕΙΑΝ

Συνελήφθησαν ὑπὸ ὀργάνων τῆς Ἀσφαλείας καὶ παρεπέμφθησαν εἰς δίκην διὰ μαστροπείαν.

Συνελήφθησαν ὑπὸ ὀργάνων τῆς Ἀσφαλείας καὶ παρεπέμφθησαν εἰς δίκην διὰ μαστροπείαν.

ΟΙ ΠΑΡΑΠΟΝΟΥΜΕΝΟΙ ΤΟΥ ΟΚΤΑΠΛΟΥ ΤΟΥΡΙΣΜΟΥ

Τὸ ἀνωτέρω πρόβλημα ἀπασχολεῖ σοβαρῶς τὴν Ὑπηρεσίαν Τουρισμοῦ καὶ τὰς ἀρμοδίους ἀρχάς.

Τὸ ἀνωτέρω πρόβλημα ἀπασχολεῖ σοβαρῶς τὴν Ὑπηρεσίαν Τουρισμοῦ καὶ τὰς ἀρμοδίους ἀρχάς.

Η ΕΚΤΑΣΙΣ ΤΗΣ ΚΑΚΟΤΕΧΝΙΑΣ

Ἐκ τῆς νομαρχίας Θεσσαλονίκης ἀνεκοινώθη τὸ πλῆρες κείμενον τῆς γνωματεύσεως τοῦ Τεχνικοῦ Συμβουλίου διὰ τὴν ὁδὸν Μοναστηρίου, διὰ τῆς ὁποίας ἀπορρίπτονται αἱ ἀντιρρήσεις τοῦ ἐργολάβου.

Τὸ Συμβούλιον ἔχει ὑπ' ὄψει τὸ πρωτόκολλον κακοτεχνίας καὶ τὰ στοιχεῖα τῶν ἐργαστηριακῶν ἐλέγχων.

Τὸ Τεχνικὸν Συμβούλιον γνωμοδοτεῖ ὅτι αἱ ἀντιρρήσεις τοῦ ἐργολάβου πρέπει νὰ ἀπορριφθοῦν ὡς ἀβάσιμοι.

Ἐκ τῆς νομαρχίας Θεσσαλονίκης ἀνεκοινώθη τὸ πλῆρες κείμενον τῆς γνωματεύσεως τοῦ Τεχνικοῦ Συμβουλίου διὰ τὴν ὁδὸν Μοναστηρίου, διὰ τῆς ὁποίας ἀπορρίπτονται αἱ ἀντιρρήσεις τοῦ ἐργολάβου.

Τὸ Συμβούλιον ἔχει ὑπ' ὄψει τὸ πρωτόκολλον κακοτεχνίας καὶ τὰ στοιχεῖα τῶν ἐργαστηριακῶν ἐλέγχων.

Τὸ Τεχνικὸν Συμβούλιον γνωμοδοτεῖ ὅτι αἱ ἀντιρρήσεις τοῦ ἐργολάβου πρέπει νὰ ἀπορριφθοῦν ὡς ἀβάσιμοι.

Ἐκ τῆς νομαρχίας Θεσσαλονίκης ἀνεκοινώθη τὸ πλῆρες κείμενον τῆς γνωματεύσεως τοῦ Τεχνικοῦ Συμβουλίου διὰ τὴν ὁδὸν Μοναστηρίου, διὰ τῆς ὁποίας ἀπορρίπτονται αἱ ἀντιρρήσεις τοῦ ἐργολάβου.

Τὸ Συμβούλιον ἔχει ὑπ' ὄψει τὸ πρωτόκολλον κακοτεχνίας καὶ τὰ στοιχεῖα τῶν ἐργαστηριακῶν ἐλέγχων.

πυκνὰς δὲ ζήτησε ὅτι ἡ ἀποκατάστασις τῆς ὁδοῦ θὰ ἀπαιτήσῃ νέαν δαπάνην. Ἡ ἐπιτροπὴ ἐπισημαίνει ὅτι αἱ κακοτεχνίαι ὀφείλονται εἰς τὸν ἐργολάβον.

πυκνὰς δὲ ζήτησε ὅτι ἡ ἀποκατάστασις τῆς ὁδοῦ θὰ ἀπαιτήσῃ νέαν δαπάνην. Ἡ ἐπιτροπὴ ἐπισημαίνει ὅτι αἱ κακοτεχνίαι ὀφείλονται εἰς τὸν ἐργολάβον.

πυκνὰς δὲ ζήτησε ὅτι ἡ ἀποκατάστασις τῆς ὁδοῦ θὰ ἀπαιτήσῃ νέαν δαπάνην. Ἡ ἐπιτροπὴ ἐπισημαίνει ὅτι αἱ κακοτεχνίαι ὀφείλονται εἰς τὸν ἐργολάβον.

πυκνὰς δὲ ζήτησε ὅτι ἡ ἀποκατάστασις τῆς ὁδοῦ θὰ ἀπαιτήσῃ νέαν δαπάνην. Ἡ ἐπιτροπὴ ἐπισημαίνει ὅτι αἱ κακοτεχνίαι ὀφείλονται εἰς τὸν ἐργολάβον.

Ν. ΔΗΜΗΤΡΟΠΟΥΛΟΣ, Γ. ΒΕΡΓΟΣ, Γ. ΤΑΝΤΟΣ, ΙΩΑΝ. ΚΑΒΒΑΔΑΣ
ΠΟΙΟΣ ΘΑ ΠΛΗΡΩΣΗ

Δημοσιεύεται ἡ γνωμάτευσις διὰ νὰ πληροφορηθῇ τὸ κοινὸν τὰ τοῦ ζητήματος.

Δημοσιεύεται ἡ γνωμάτευσις διὰ νὰ πληροφορηθῇ τὸ κοινὸν τὰ τοῦ ζητήματος.

Δημοσιεύεται ἡ γνωμάτευσις διὰ νὰ πληροφορηθῇ τὸ κοινὸν τὰ τοῦ ζητήματος.

ΑΝΤΙ ΤΟΥ ΠΟΝΤΙΚΟΥ ΕΦΑΓΕΝ ΕΝ ΝΗΠΙΟΝ ΤΟ ΔΟΛΩΜΑ ΠΑΓΙΔΟΣ ΚΑΙ ΕΔΗΛΗΤΗΡΙΑΣΘΗ

Ἐφαγεν ἐκ παραδρομῆς δόλωμα ποντικοπαγίδος καὶ ἐδηλητηριάσθη νήπιον. Μετεφέρθη εἰς νοσοκομεῖον.

Ἐφαγεν ἐκ παραδρομῆς δόλωμα ποντικοπαγίδος καὶ ἐδηλητηριάσθη νήπιον. Μετεφέρθη εἰς νοσοκομεῖον.

Ο κ. ΑΒΕΡΩΦ ΣΥΝΕΙΡΓΑΣΘΗ ΜΕΤΑ ΤΟΥ ΔΑΝΟΥ ΥΠΟΥΡΓΟΥ ΕΞΩΤΕΡΙΚΩΝ

ΑΘΗΝΑΙ, 23. — Ὁ ὑπουργὸς τῶν Ἐξωτερικῶν κ. Ἀβέρωφ συνειργάσθη σήμερον μετὰ τοῦ Δανοῦ ὁμολόγου του.

ΑΘΗΝΑΙ, 23. — Ὁ ὑπουργὸς τῶν Ἐξωτερικῶν κ. Ἀβέρωφ συνειργάσθη σήμερον μετὰ τοῦ Δανοῦ ὁμολόγου του.

ΑΘΗΝΑΙ, 23. — Ὁ ὑπουργὸς τῶν Ἐξωτερικῶν κ. Ἀβέρωφ συνειργάσθη σήμερον μετὰ τοῦ Δανοῦ ὁμολόγου του.

ΘΑ ΓΙΝΗ ΚΑΙ ΤΡΙΤΗ ΔΕΙΓΜΑΤΟΛΗΨΙΑ ΑΠΑΣΧΟΛΗΣΕΩΣ

ΑΘΗΝΑΙ, 23. — Θὰ ἐνεργηθῇ καὶ τρίτη δειγματοληψία πρὸς ἐξακρίβωσιν τῆς ἀπασχολήσεως τοῦ ἐργατικοῦ δυναμικοῦ.

ΑΘΗΝΑΙ, 23. — Θὰ ἐνεργηθῇ καὶ τρίτη δειγματοληψία πρὸς ἐξακρίβωσιν τῆς ἀπασχολήσεως τοῦ ἐργατικοῦ δυναμικοῦ.

ΑΘΗΝΑΙ, 23. — Θὰ ἐνεργηθῇ καὶ τρίτη δειγματοληψία πρὸς ἐξακρίβωσιν τῆς ἀπασχολήσεως τοῦ ἐργατικοῦ δυναμικοῦ.

Ο ΥΙΟΣ ΤΟΥ ΑΓΑ ΧΑΝ ΑΝΑΜΕΝΕΤΑΙ ΕΙΣ ΤΗΝ ΑΓΚΥΡΑΝ

ΚΩΝΠΟΛΙΣ, 23. — Ὁ πρίγκηψ Ἀλῆ Χάν ἀναμένεται εἰς τὴν Ἄγκυραν ἐντὸς τῶν προσεχῶν ἡμερῶν.

ΚΩΝΠΟΛΙΣ, 23. — Ὁ πρίγκηψ Ἀλῆ Χάν ἀναμένεται εἰς τὴν Ἄγκυραν ἐντὸς τῶν προσεχῶν ἡμερῶν.

Ο ΕΤΗΣΙΟΣ ΕΡΑΝΟΣ ΤΩΝ ΟΔΩΝ ΣΤΡΑΤΟΥ

Ὁ ἀντιπρόεδρος τοῦ Ἐράνου ἀνεκοίνωσεν ὅτι ὁ ἐφετεινὸς ἔρανος θὰ διεξαχθῇ κατὰ τὸ προσεχὲς διάστημα.

Ὁ ἀντιπρόεδρος τοῦ Ἐράνου ἀνεκοίνωσεν ὅτι ὁ ἐφετεινὸς ἔρανος θὰ διεξαχθῇ κατὰ τὸ προσεχὲς διάστημα.
